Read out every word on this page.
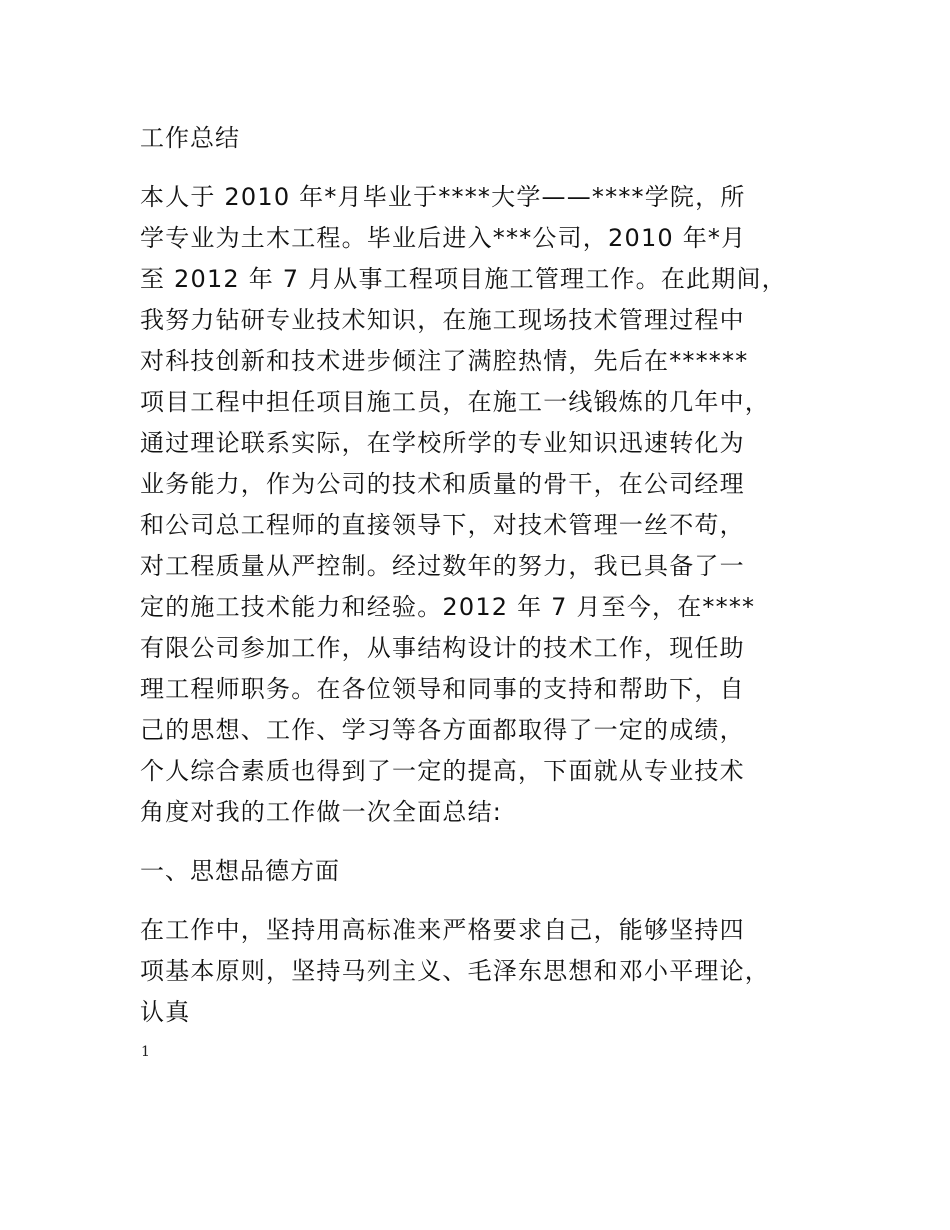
工作总结
本人于 2010 年*月毕业于****大学——****学院，所
学专业为土木工程。毕业后进入***公司，2010 年*月
至 2012 年 7 月从事工程项目施工管理工作。在此期间，
我努力钻研专业技术知识，在施工现场技术管理过程中
对科技创新和技术进步倾注了满腔热情，先后在******
项目工程中担任项目施工员，在施工一线锻炼的几年中，
通过理论联系实际，在学校所学的专业知识迅速转化为
业务能力，作为公司的技术和质量的骨干，在公司经理
和公司总工程师的直接领导下，对技术管理一丝不苟，
对工程质量从严控制。经过数年的努力，我已具备了一
定的施工技术能力和经验。2012 年 7 月至今，在****
有限公司参加工作，从事结构设计的技术工作，现任助
理工程师职务。在各位领导和同事的支持和帮助下，自
己的思想、工作、学习等各方面都取得了一定的成绩，
个人综合素质也得到了一定的提高，下面就从专业技术
角度对我的工作做一次全面总结:
一、思想品德方面
在工作中，坚持用高标准来严格要求自己，能够坚持四
项基本原则，坚持马列主义、毛泽东思想和邓小平理论，
认真
1
